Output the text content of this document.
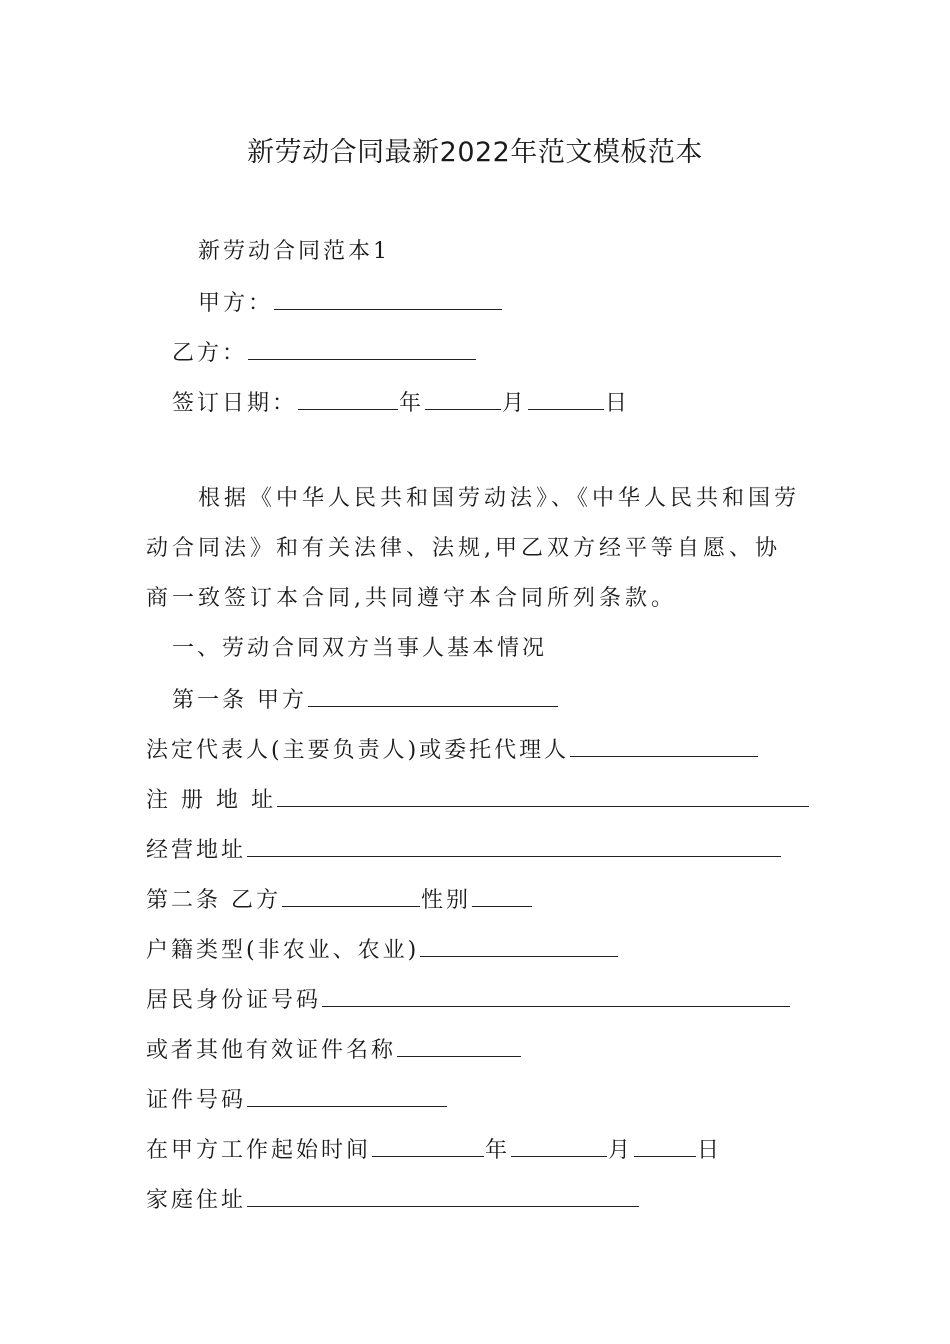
新劳动合同最新2022年范文模板范本
新劳动合同范本1
甲方：
乙方：
签订日期：	年	月	日
根据《中华人民共和国劳动法》、《中华人民共和国劳动合同法》和有关法律、法规,甲乙双方经平等自愿、协商一致签订本合同,共同遵守本合同所列条款。
一、劳动合同双方当事人基本情况
第一条 甲方
法定代表人(主要负责人)或委托代理人
注 册 地 址
经营地址
第二条 乙方	性别
户籍类型(非农业、农业)
居民身份证号码
或者其他有效证件名称
证件号码
在甲方工作起始时间	年	月	日
家庭住址
